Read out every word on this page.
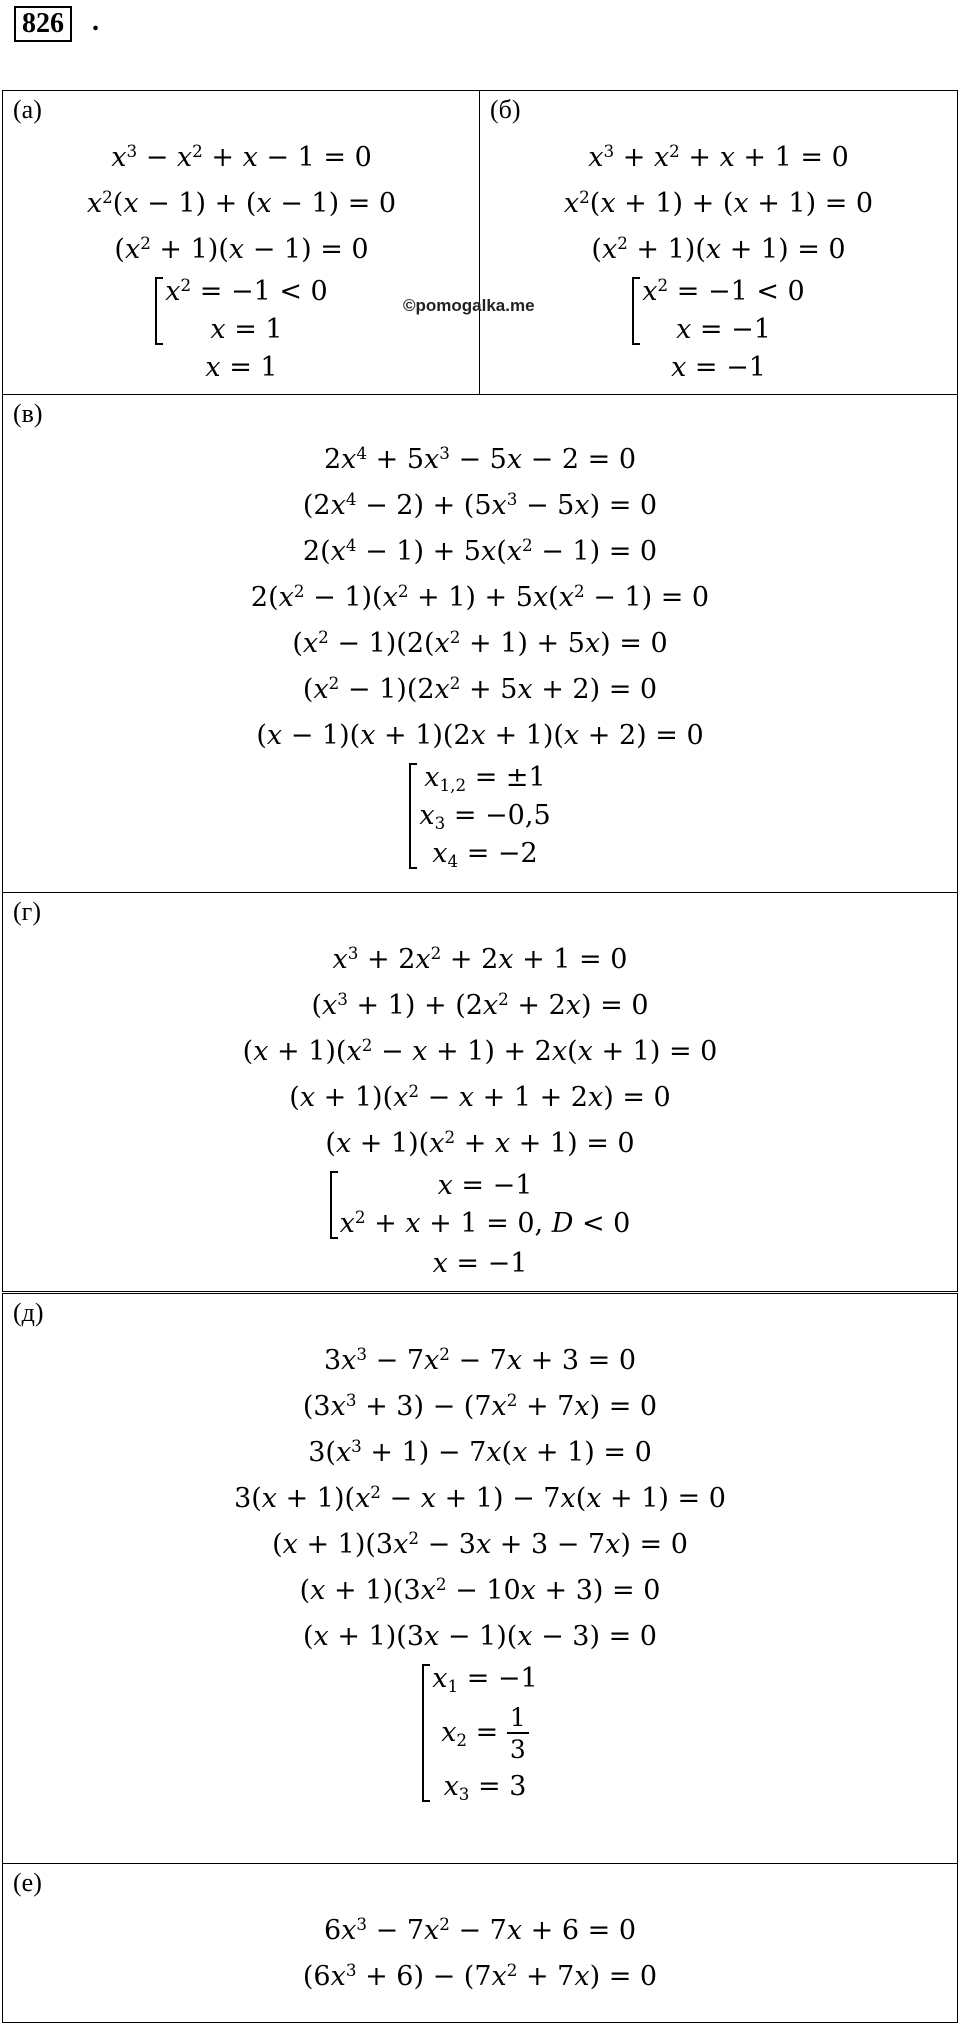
826 .
(а)
$x^3 - x^2 + x - 1 = 0$
$x^2(x - 1) + (x - 1) = 0$
$(x^2 + 1)(x - 1) = 0$
$x^2 = -1 < 0$
x = 1
x = 1
(б)
$x^3 + x^2 + x + 1 = 0$
$x^2(x + 1) + (x + 1) = 0$
$(x^2 + 1)(x + 1) = 0$
$x^2 = -1 < 0$
x = −1
x = −1
©pomogalka.me
(в)
$2x^4 + 5x^3 - 5x - 2 = 0$
$(2x^4 - 2) + (5x^3 - 5x) = 0$
$2(x^4 - 1) + 5x(x^2 - 1) = 0$
$2(x^2 - 1)(x^2 + 1) + 5x(x^2 - 1) = 0$
$(x^2 - 1)(2(x^2 + 1) + 5x) = 0$
$(x^2 - 1)(2x^2 + 5x + 2) = 0$
(x − 1)(x + 1)(2x + 1)(x + 2) = 0
$x_{1,2} = \pm 1$
$x_3 = -0,5$
$x_4 = -2$
(г)
$x^3 + 2x^2 + 2x + 1 = 0$
$(x^3 + 1) + (2x^2 + 2x) = 0$
$(x + 1)(x^2 - x + 1) + 2x(x + 1) = 0$
$(x + 1)(x^2 - x + 1 + 2x) = 0$
$(x + 1)(x^2 + x + 1) = 0$
x = −1
$x^2 + x + 1 = 0$, D < 0
x = −1
(д)
$3x^3 - 7x^2 - 7x + 3 = 0$
$(3x^3 + 3) - (7x^2 + 7x) = 0$
$3(x^3 + 1) - 7x(x + 1) = 0$
$3(x + 1)(x^2 - x + 1) - 7x(x + 1) = 0$
$(x + 1)(3x^2 - 3x + 3 - 7x) = 0$
$(x + 1)(3x^2 - 10x + 3) = 0$
(x + 1)(3x − 1)(x − 3) = 0
$x_1 = -1$
$x_2 = \frac{1}{3}$
$x_3 = 3$
(е)
$6x^3 - 7x^2 - 7x + 6 = 0$
$(6x^3 + 6) - (7x^2 + 7x) = 0$
